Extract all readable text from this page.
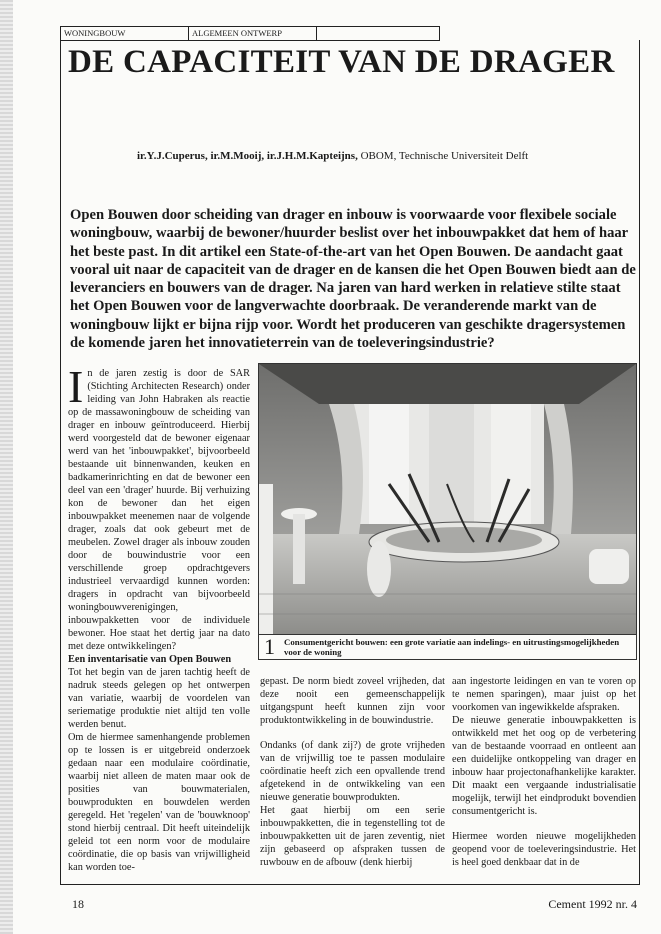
WONINGBOUW	ALGEMEEN ONTWERP
DE CAPACITEIT VAN DE DRAGER
ir.Y.J.Cuperus, ir.M.Mooij, ir.J.H.M.Kapteijns, OBOM, Technische Universiteit Delft

Open Bouwen door scheiding van drager en inbouw is voorwaarde voor flexibele sociale woningbouw, waarbij de bewoner/huurder beslist over het inbouwpakket dat hem of haar het beste past. In dit artikel een State-of-the-art van het Open Bouwen. De aandacht gaat vooral uit naar de capaciteit van de drager en de kansen die het Open Bouwen biedt aan de leveranciers en bouwers van de drager. Na jaren van hard werken in relatieve stilte staat het Open Bouwen voor de langverwachte doorbraak. De veranderende markt van de woningbouw lijkt er bijna rijp voor. Wordt het produceren van geschikte dragersystemen de komende jaren het innovatieterrein van de toeleveringsindustrie?

In de jaren zestig is door de SAR (Stichting Architecten Research) onder leiding van John Habraken als reactie op de massawoningbouw de scheiding van drager en inbouw geïntroduceerd. Hierbij werd voorgesteld dat de bewoner eigenaar werd van het 'inbouwpakket', bijvoorbeeld bestaande uit binnenwanden, keuken en badkamerinrichting en dat de bewoner een deel van een 'drager' huurde. Bij verhuizing kon de bewoner dan het eigen inbouwpakket meenemen naar de volgende drager, zoals dat ook gebeurt met de meubelen. Zowel drager als inbouw zouden door de bouwindustrie voor een verschillende groep opdrachtgevers industrieel vervaardigd kunnen worden: dragers in opdracht van bijvoorbeeld woningbouwverenigingen, inbouwpakketten voor de individuele bewoner. Hoe staat het dertig jaar na dato met deze ontwikkelingen?

Een inventarisatie van Open Bouwen

Tot het begin van de jaren tachtig heeft de nadruk steeds gelegen op het ontwerpen van variatie, waarbij de voordelen van seriematige produktie niet altijd ten volle werden benut.

Om de hiermee samenhangende problemen op te lossen is er uitgebreid onderzoek gedaan naar een modulaire coördinatie, waarbij niet alleen de maten maar ook de posities van bouwmaterialen, bouwprodukten en bouwdelen werden geregeld. Het 'regelen' van de 'bouwknoop' stond hierbij centraal. Dit heeft uiteindelijk geleid tot een norm voor de modulaire coördinatie, die op basis van vrijwilligheid kan worden toe-

1 Consumentgericht bouwen: een grote variatie aan indelings- en uitrustingsmogelijkheden voor de woning

gepast. De norm biedt zoveel vrijheden, dat deze nooit een gemeenschappelijk uitgangspunt heeft kunnen zijn voor produktontwikkeling in de bouwindustrie.

Ondanks (of dank zij?) de grote vrijheden van de vrijwillig toe te passen modulaire coördinatie heeft zich een opvallende trend afgetekend in de ontwikkeling van een nieuwe generatie bouwprodukten.

Het gaat hierbij om een serie inbouwpakketten, die in tegenstelling tot de inbouwpakketten uit de jaren zeventig, niet zijn gebaseerd op afspraken tussen de ruwbouw en de afbouw (denk hierbij

aan ingestorte leidingen en van te voren op te nemen sparingen), maar juist op het voorkomen van ingewikkelde afspraken.

De nieuwe generatie inbouwpakketten is ontwikkeld met het oog op de verbetering van de bestaande voorraad en ontleent aan een duidelijke ontkoppeling van drager en inbouw haar projectonafhankelijke karakter. Dit maakt een vergaande industrialisatie mogelijk, terwijl het eindprodukt bovendien consumentgericht is.

Hiermee worden nieuwe mogelijkheden geopend voor de toeleveringsindustrie. Het is heel goed denkbaar dat in de

18	Cement 1992 nr. 4
